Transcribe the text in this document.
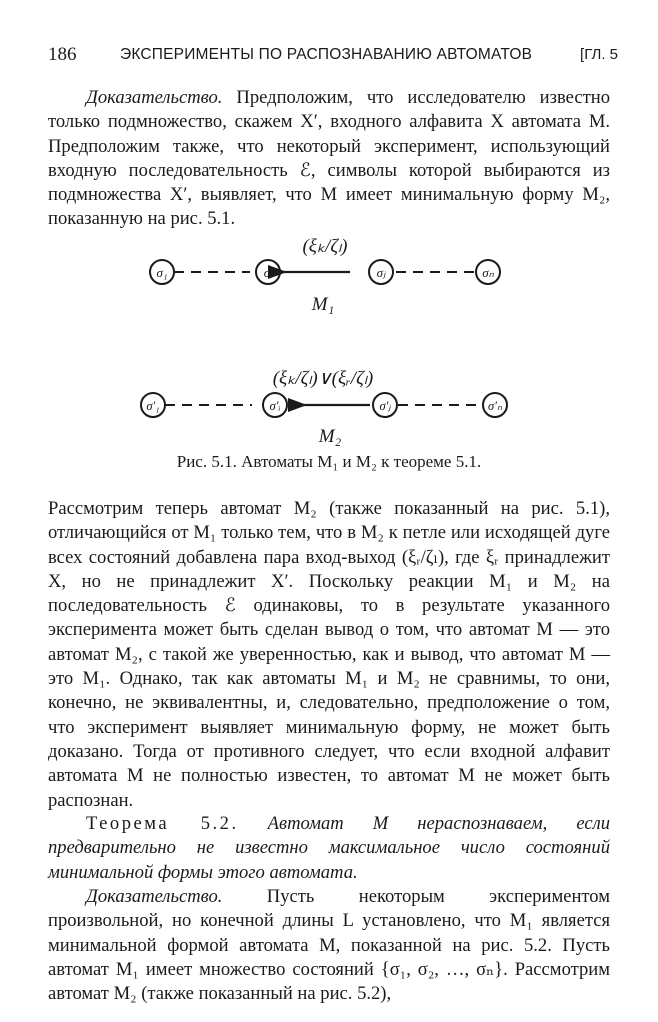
186	ЭКСПЕРИМЕНТЫ ПО РАСПОЗНАВАНИЮ АВТОМАТОВ	[ГЛ. 5

Доказательство. Предположим, что исследователю известно только подмножество, скажем X′, входного алфавита X автомата M. Предположим также, что некоторый эксперимент, использующий входную последовательность ℰ, символы которой выбираются из подмножества X′, выявляет, что M имеет минимальную форму M₂, показанную на рис. 5.1.

σ₁	σᵢ	σⱼ	σₙ
(ξₖ/ζₗ)
M₁
σ′₁	σ′ᵢ	σ′ⱼ	σ′ₙ
(ξₖ/ζₗ)∨(ξᵣ/ζₗ)
M₂
Рис. 5.1. Автоматы M₁ и M₂ к теореме 5.1.

Рассмотрим теперь автомат M₂ (также показанный на рис. 5.1), отличающийся от M₁ только тем, что в M₂ к петле или исходящей дуге всех состояний добавлена пара вход-выход (ξᵣ/ζₗ), где ξᵣ принадлежит X, но не принадлежит X′. Поскольку реакции M₁ и M₂ на последовательность ℰ одинаковы, то в результате указанного эксперимента может быть сделан вывод о том, что автомат M — это автомат M₂, с такой же уверенностью, как и вывод, что автомат M — это M₁. Однако, так как автоматы M₁ и M₂ не сравнимы, то они, конечно, не эквивалентны, и, следовательно, предположение о том, что эксперимент выявляет минимальную форму, не может быть доказано. Тогда от противного следует, что если входной алфавит автомата M не полностью известен, то автомат M не может быть распознан.

Теорема 5.2. Автомат M нераспознаваем, если предварительно не известно максимальное число состояний минимальной формы этого автомата.

Доказательство. Пусть некоторым экспериментом произвольной, но конечной длины L установлено, что M₁ является минимальной формой автомата M, показанной на рис. 5.2. Пусть автомат M₁ имеет множество состояний {σ₁, σ₂, …, σₙ}. Рассмотрим автомат M₂ (также показанный на рис. 5.2),
